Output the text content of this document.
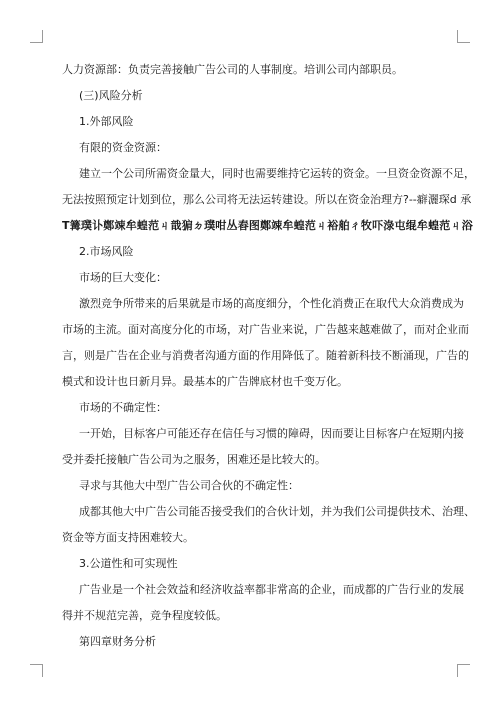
人力资源部：负责完善接触广告公司的人事制度。培训公司内部职员。
(三)风险分析
1.外部风险
有限的资金资源：
建立一个公司所需资金量大，同时也需要维持它运转的资金。一旦资金资源不足，
无法按照预定计划到位，那么公司将无法运转建设。所以在资金治理方?--癖灑琛d 承
T篝璞讣鄭竦牟蝗范ㄐ戠猏ㄉ璞咁丛舂图鄭竦牟蝗范ㄐ裕舶ㄔ牧吓淥屯绲牟蝗范ㄐ浴
2.市场风险
市场的巨大变化：
激烈竞争所带来的后果就是市场的高度细分，个性化消费正在取代大众消费成为
市场的主流。面对高度分化的市场，对广告业来说，广告越来越难做了，而对企业而
言，则是广告在企业与消费者沟通方面的作用降低了。随着新科技不断涌现，广告的
模式和设计也日新月异。最基本的广告牌底材也千变万化。
市场的不确定性：
一开始，目标客户可能还存在信任与习惯的障碍，因而要让目标客户在短期内接
受并委托接触广告公司为之服务，困难还是比较大的。
寻求与其他大中型广告公司合伙的不确定性：
成都其他大中广告公司能否接受我们的合伙计划，并为我们公司提供技术、治理、
资金等方面支持困难较大。
3.公道性和可实现性
广告业是一个社会效益和经济收益率都非常高的企业，而成都的广告行业的发展
得并不规范完善，竞争程度较低。
第四章财务分析
